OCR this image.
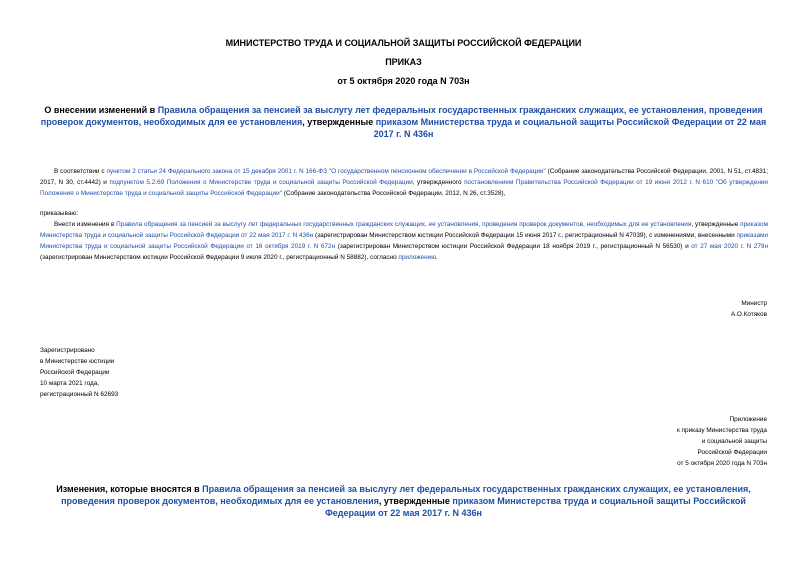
МИНИСТЕРСТВО ТРУДА И СОЦИАЛЬНОЙ ЗАЩИТЫ РОССИЙСКОЙ ФЕДЕРАЦИИ
ПРИКАЗ
от 5 октября 2020 года N 703н
О внесении изменений в Правила обращения за пенсией за выслугу лет федеральных государственных гражданских служащих, ее установления, проведения проверок документов, необходимых для ее установления, утвержденные приказом Министерства труда и социальной защиты Российской Федерации от 22 мая 2017 г. N 436н
В соответствии с пунктом 2 статьи 24 Федерального закона от 15 декабря 2001 г. N 166-ФЗ "О государственном пенсионном обеспечении в Российской Федерации" (Собрание законодательства Российской Федерации, 2001, N 51, ст.4831; 2017, N 30, ст.4442) и подпунктом 5.2.69 Положения о Министерстве труда и социальной защиты Российской Федерации, утвержденного постановлением Правительства Российской Федерации от 19 июня 2012 г. N 610 "Об утверждении Положения о Министерстве труда и социальной защиты Российской Федерации" (Собрание законодательства Российской Федерации, 2012, N 26, ст.3528),
приказываю:
Внести изменения в Правила обращения за пенсией за выслугу лет федеральных государственных гражданских служащих, ее установления, проведения проверок документов, необходимых для ее установления, утвержденные приказом Министерства труда и социальной защиты Российской Федерации от 22 мая 2017 г. N 436н (зарегистрирован Министерством юстиции Российской Федерации 15 июня 2017 г., регистрационный N 47039), с изменениями, внесенными приказами Министерства труда и социальной защиты Российской Федерации от 16 октября 2019 г. N 672н (зарегистрирован Министерством юстиции Российской Федерации 18 ноября 2019 г., регистрационный N 56530) и от 27 мая 2020 г. N 279н (зарегистрирован Министерством юстиции Российской Федерации 9 июля 2020 г., регистрационный N 58882), согласно приложению.
Министр
А.О.Котяков
Зарегистрировано
в Министерстве юстиции
Российской Федерации
10 марта 2021 года,
регистрационный N 62693
Приложение
к приказу Министерства труда
и социальной защиты
Российской Федерации
от 5 октября 2020 года N 703н
Изменения, которые вносятся в Правила обращения за пенсией за выслугу лет федеральных государственных гражданских служащих, ее установления, проведения проверок документов, необходимых для ее установления, утвержденные приказом Министерства труда и социальной защиты Российской Федерации от 22 мая 2017 г. N 436н
